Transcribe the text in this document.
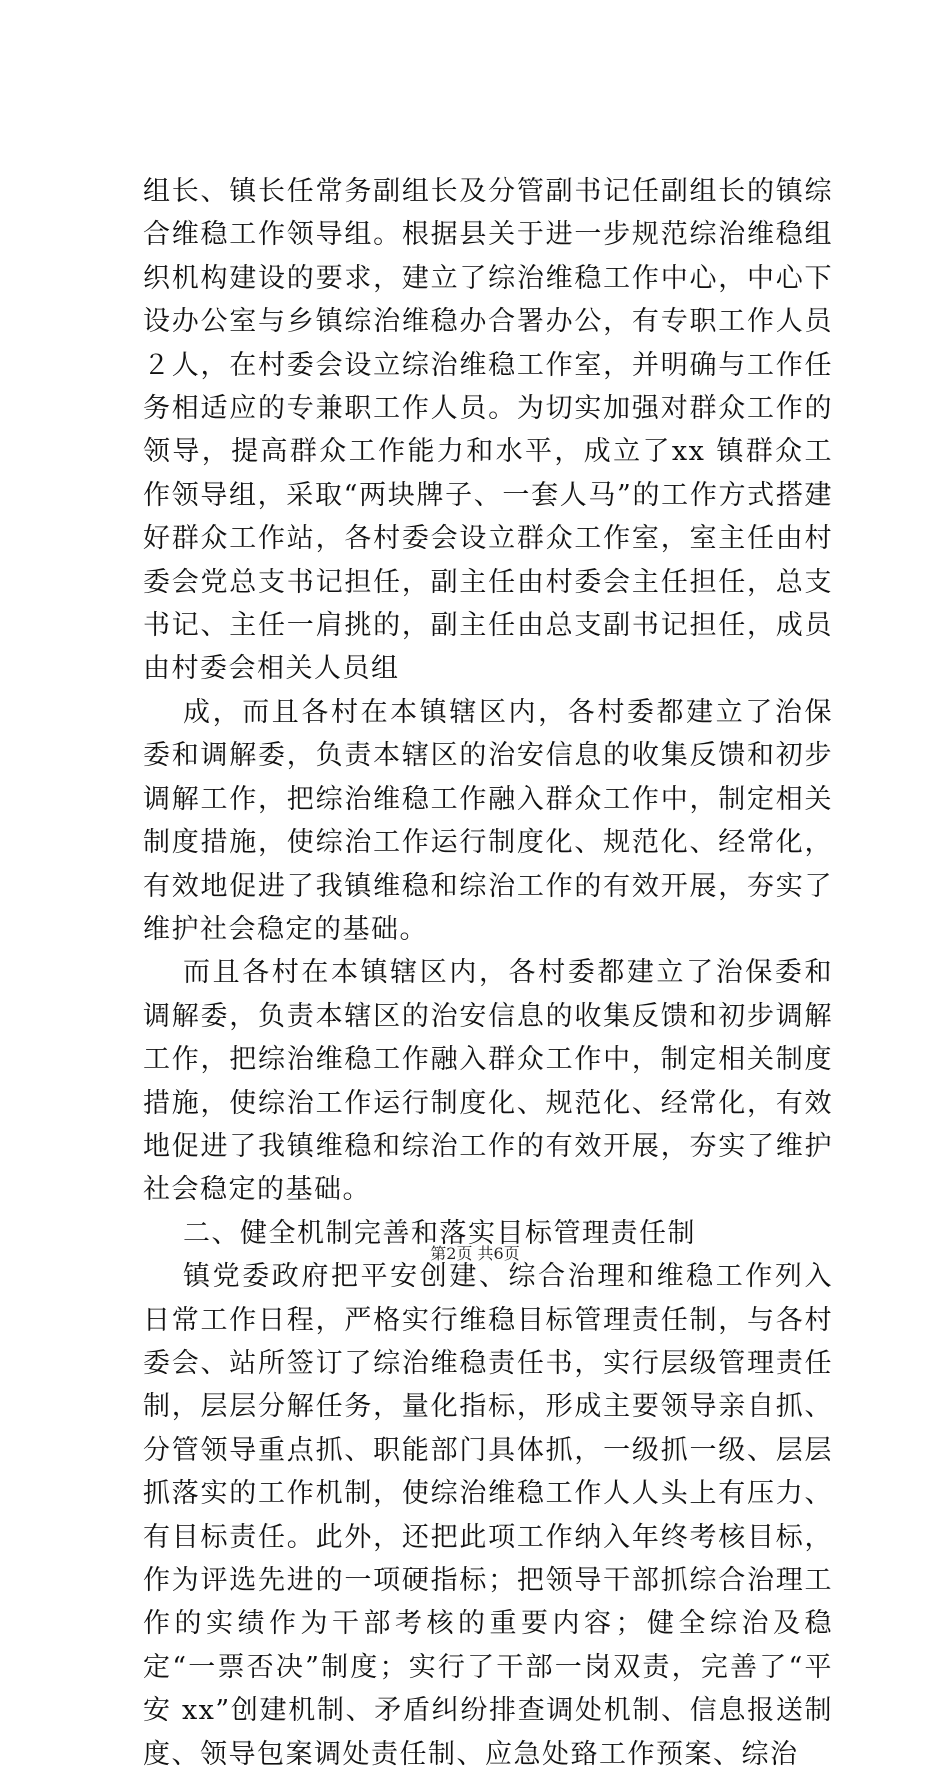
组长、镇长任常务副组长及分管副书记任副组长的镇综合维稳工作领导组。根据县关于进一步规范综治维稳组织机构建设的要求，建立了综治维稳工作中心，中心下设办公室与乡镇综治维稳办合署办公，有专职工作人员２人，在村委会设立综治维稳工作室，并明确与工作任务相适应的专兼职工作人员。为切实加强对群众工作的领导，提高群众工作能力和水平，成立了xx 镇群众工作领导组，采取“两块牌子、一套人马”的工作方式搭建好群众工作站，各村委会设立群众工作室，室主任由村委会党总支书记担任，副主任由村委会主任担任，总支书记、主任一肩挑的，副主任由总支副书记担任，成员由村委会相关人员组

成，而且各村在本镇辖区内，各村委都建立了治保委和调解委，负责本辖区的治安信息的收集反馈和初步调解工作，把综治维稳工作融入群众工作中，制定相关制度措施，使综治工作运行制度化、规范化、经常化，有效地促进了我镇维稳和综治工作的有效开展，夯实了维护社会稳定的基础。

而且各村在本镇辖区内，各村委都建立了治保委和调解委，负责本辖区的治安信息的收集反馈和初步调解工作，把综治维稳工作融入群众工作中，制定相关制度措施，使综治工作运行制度化、规范化、经常化，有效地促进了我镇维稳和综治工作的有效开展，夯实了维护社会稳定的基础。

二、健全机制完善和落实目标管理责任制

镇党委政府把平安创建、综合治理和维稳工作列入日常工作日程，严格实行维稳目标管理责任制，与各村委会、站所签订了综治维稳责任书，实行层级管理责任制，层层分解任务，量化指标，形成主要领导亲自抓、分管领导重点抓、职能部门具体抓，一级抓一级、层层抓落实的工作机制，使综治维稳工作人人头上有压力、有目标责任。此外，还把此项工作纳入年终考核目标，作为评选先进的一项硬指标；把领导干部抓综合治理工作的实绩作为干部考核的重要内容；健全综治及稳定“一票否决”制度；实行了干部一岗双责，完善了“平安 xx”创建机制、矛盾纠纷排查调处机制、信息报送制度、领导包案调处责任制、应急处臵工作预案、综治

第2页 共6页
